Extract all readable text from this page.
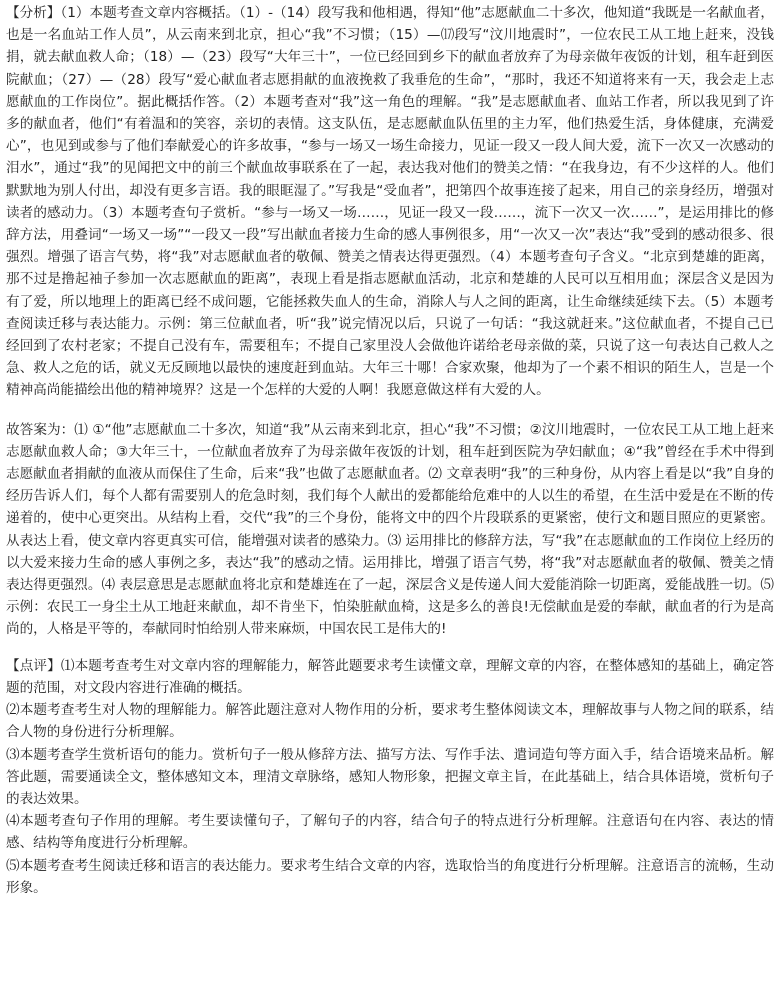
【分析】（1）本题考查文章内容概括。（1）-（14）段写我和他相遇，得知“他”志愿献血二十多次，他知道“我既是一名献血者，也是一名血站工作人员”，从云南来到北京，担心“我”不习惯；（15）—⒄段写“汶川地震时”，一位农民工从工地上赶来，没钱捐，就去献血救人命；（18）—（23）段写“大年三十”，一位已经回到乡下的献血者放弃了为母亲做年夜饭的计划，租车赶到医院献血；（27）—（28）段写“爱心献血者志愿捐献的血液挽救了我垂危的生命”，“那时，我还不知道将来有一天，我会走上志愿献血的工作岗位”。据此概括作答。（2）本题考查对“我”这一角色的理解。“我”是志愿献血者、血站工作者，所以我见到了许多的献血者，他们“有着温和的笑容，亲切的表情。这支队伍，是志愿献血队伍里的主力军，他们热爱生活，身体健康，充满爱心”，也见到或参与了他们奉献爱心的许多故事，“参与一场又一场生命接力，见证一段又一段人间大爱，流下一次又一次感动的泪水”，通过“我”的见闻把文中的前三个献血故事联系在了一起，表达我对他们的赞美之情：“在我身边，有不少这样的人。他们默默地为别人付出，却没有更多言语。我的眼眶湿了。”写我是“受血者”，把第四个故事连接了起来，用自己的亲身经历，增强对读者的感动力。（3）本题考查句子赏析。“参与一场又一场……，见证一段又一段……，流下一次又一次……”，是运用排比的修辞方法，用叠词“一场又一场”“一段又一段”写出献血者接力生命的感人事例很多，用“一次又一次”表达“我”受到的感动很多、很强烈。增强了语言气势，将“我”对志愿献血者的敬佩、赞美之情表达得更强烈。（4）本题考查句子含义。“北京到楚雄的距离，那不过是撸起袖子参加一次志愿献血的距离”，表现上看是指志愿献血活动，北京和楚雄的人民可以互相用血；深层含义是因为有了爱，所以地理上的距离已经不成问题，它能拯救失血人的生命，消除人与人之间的距离，让生命继续延续下去。（5）本题考查阅读迁移与表达能力。示例：第三位献血者，听“我”说完情况以后，只说了一句话：“我这就赶来。”这位献血者，不提自己已经回到了农村老家；不提自己没有车，需要租车；不提自己家里没人会做他许诺给老母亲做的菜，只说了这一句表达自己救人之急、救人之危的话，就义无反顾地以最快的速度赶到血站。大年三十哪！合家欢聚，他却为了一个素不相识的陌生人，岂是一个精神高尚能描绘出他的精神境界？这是一个怎样的大爱的人啊！我愿意做这样有大爱的人。

故答案为：⑴ ①“他”志愿献血二十多次，知道“我”从云南来到北京，担心“我”不习惯；②汶川地震时，一位农民工从工地上赶来志愿献血救人命；③大年三十，一位献血者放弃了为母亲做年夜饭的计划，租车赶到医院为孕妇献血；④“我”曾经在手术中得到志愿献血者捐献的血液从而保住了生命，后来“我”也做了志愿献血者。⑵ 文章表明“我”的三种身份，从内容上看是以“我”自身的经历告诉人们，每个人都有需要别人的危急时刻，我们每个人献出的爱都能给危难中的人以生的希望，在生活中爱是在不断的传递着的，使中心更突出。从结构上看，交代“我”的三个身份，能将文中的四个片段联系的更紧密，使行文和题目照应的更紧密。从表达上看，使文章内容更真实可信，能增强对读者的感染力。⑶ 运用排比的修辞方法，写“我”在志愿献血的工作岗位上经历的以大爱来接力生命的感人事例之多，表达“我”的感动之情。运用排比，增强了语言气势，将“我”对志愿献血者的敬佩、赞美之情表达得更强烈。⑷ 表层意思是志愿献血将北京和楚雄连在了一起，深层含义是传递人间大爱能消除一切距离，爱能战胜一切。⑸ 示例：农民工一身尘土从工地赶来献血，却不肯坐下，怕染脏献血椅，这是多么的善良!无偿献血是爱的奉献，献血者的行为是高尚的，人格是平等的，奉献同时怕给别人带来麻烦，中国农民工是伟大的!

【点评】⑴本题考查考生对文章内容的理解能力，解答此题要求考生读懂文章，理解文章的内容，在整体感知的基础上，确定答题的范围，对文段内容进行准确的概括。

⑵本题考查考生对人物的理解能力。解答此题注意对人物作用的分析，要求考生整体阅读文本，理解故事与人物之间的联系，结合人物的身份进行分析理解。

⑶本题考查学生赏析语句的能力。赏析句子一般从修辞方法、描写方法、写作手法、遣词造句等方面入手，结合语境来品析。解答此题，需要通读全文，整体感知文本，理清文章脉络，感知人物形象，把握文章主旨，在此基础上，结合具体语境，赏析句子的表达效果。

⑷本题考查句子作用的理解。考生要读懂句子，了解句子的内容，结合句子的特点进行分析理解。注意语句在内容、表达的情感、结构等角度进行分析理解。

⑸本题考查考生阅读迁移和语言的表达能力。要求考生结合文章的内容，选取恰当的角度进行分析理解。注意语言的流畅，生动形象。
